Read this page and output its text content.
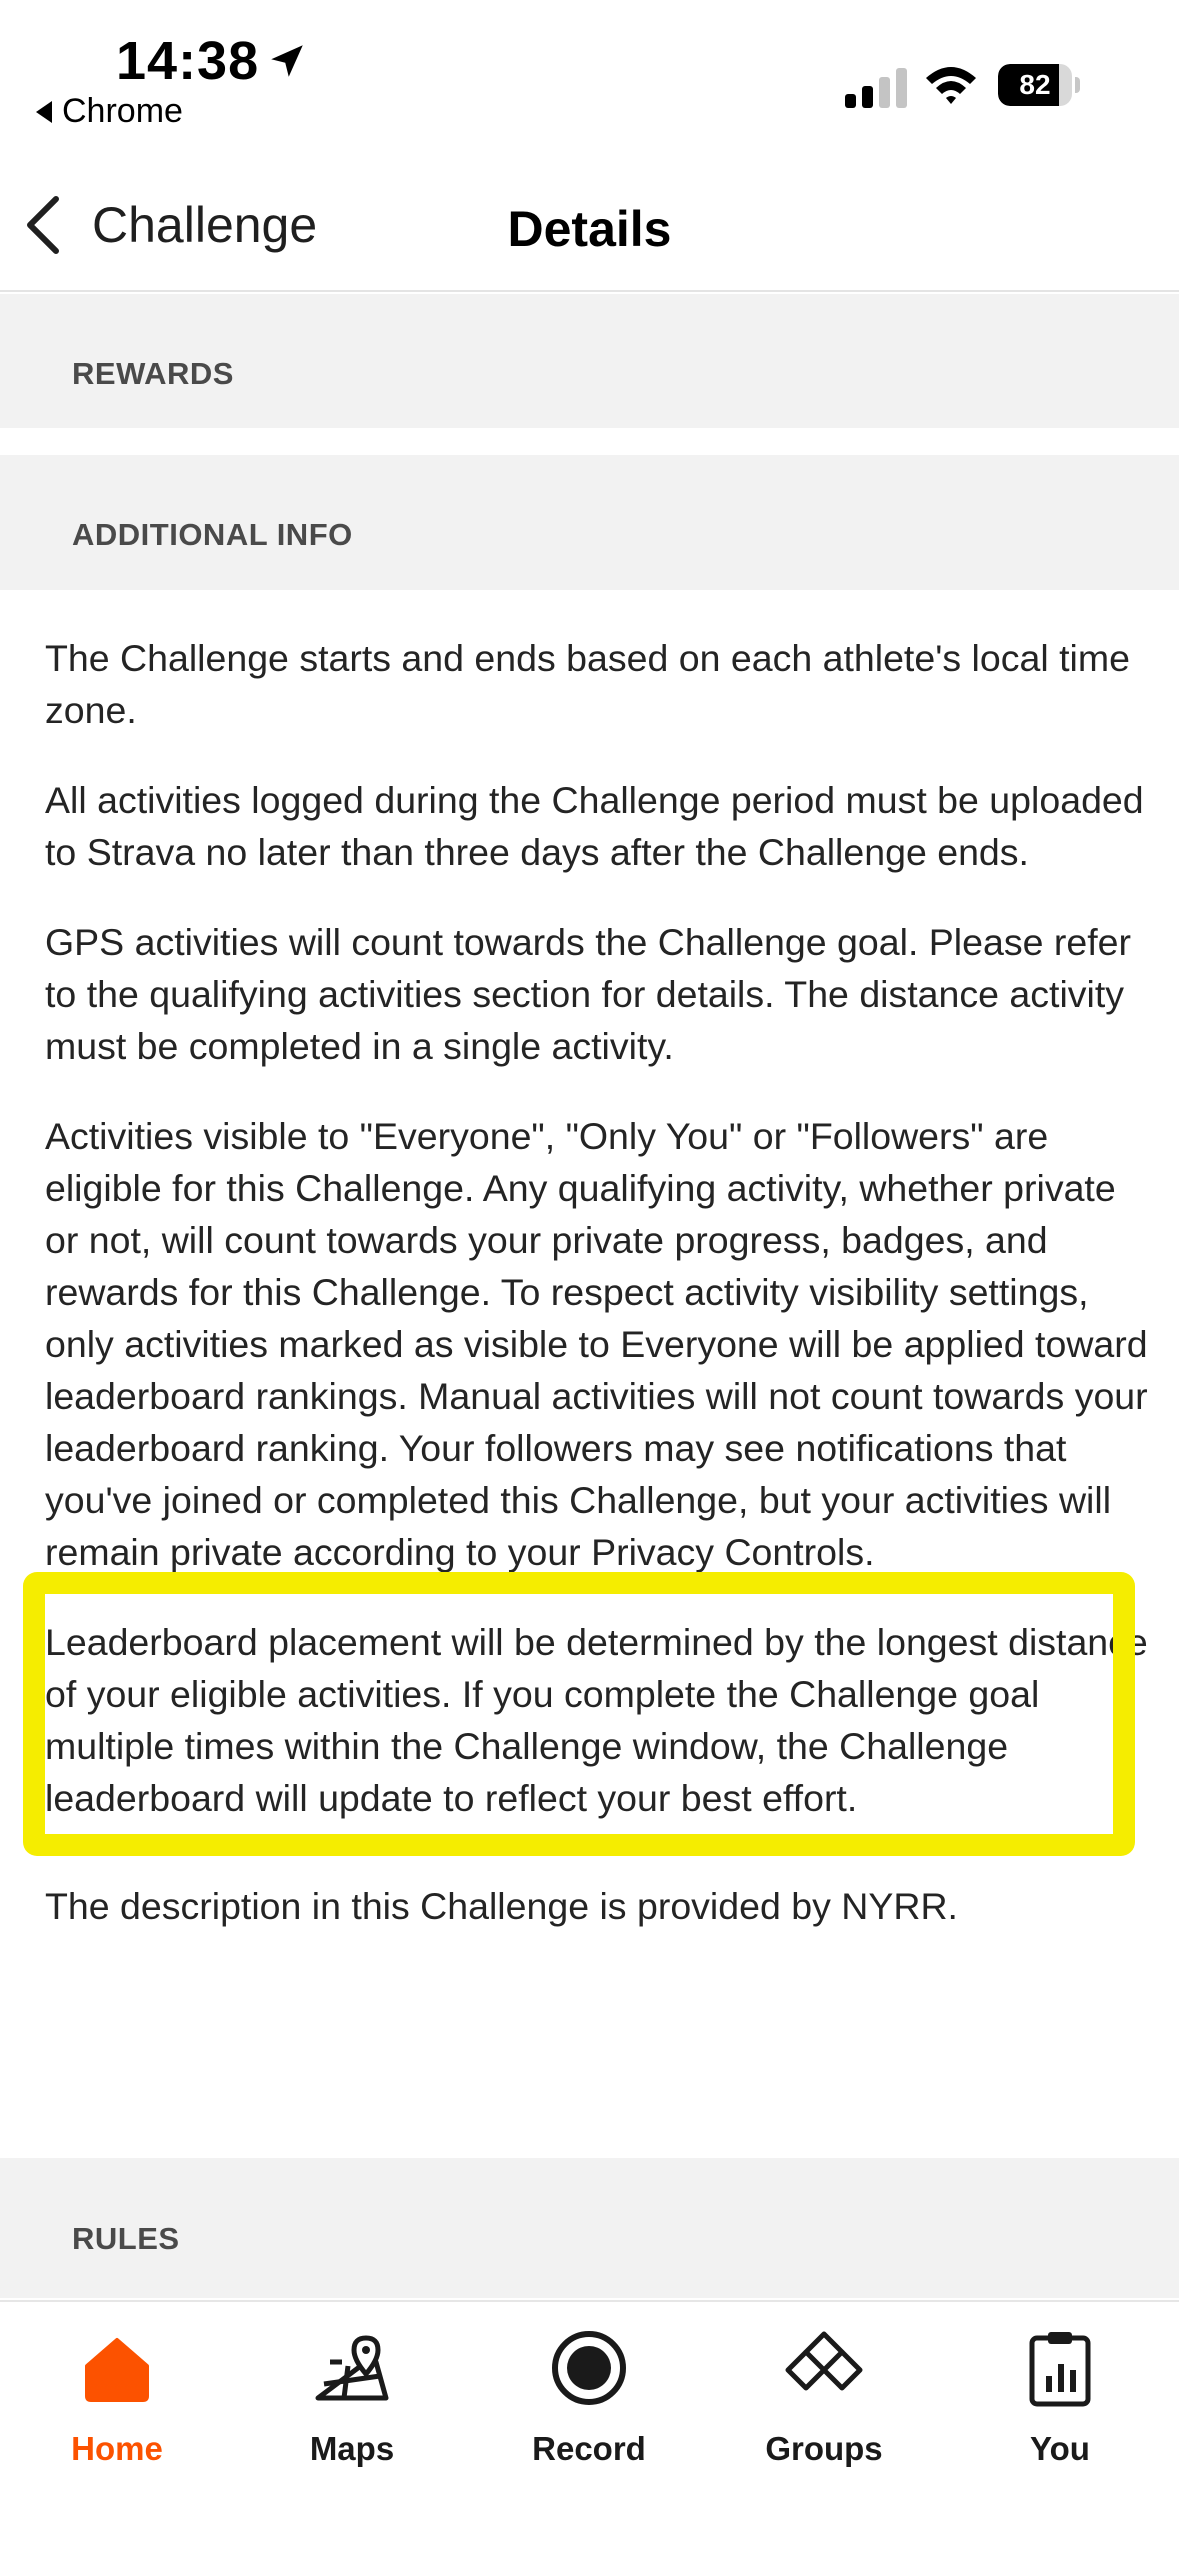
14:38
Chrome
82
Details
Challenge
REWARDS
ADDITIONAL INFO

The Challenge starts and ends based on each athlete's local time zone.

All activities logged during the Challenge period must be uploaded to Strava no later than three days after the Challenge ends.

GPS activities will count towards the Challenge goal. Please refer to the qualifying activities section for details. The distance activity must be completed in a single activity.

Activities visible to "Everyone", "Only You" or "Followers" are eligible for this Challenge. Any qualifying activity, whether private or not, will count towards your private progress, badges, and rewards for this Challenge. To respect activity visibility settings, only activities marked as visible to Everyone will be applied toward leaderboard rankings. Manual activities will not count towards your leaderboard ranking. Your followers may see notifications that you've joined or completed this Challenge, but your activities will remain private according to your Privacy Controls.

Leaderboard placement will be determined by the longest distance of your eligible activities. If you complete the Challenge goal multiple times within the Challenge window, the Challenge leaderboard will update to reflect your best effort.

The description in this Challenge is provided by NYRR.

RULES
Home	Maps	Record	Groups	You
